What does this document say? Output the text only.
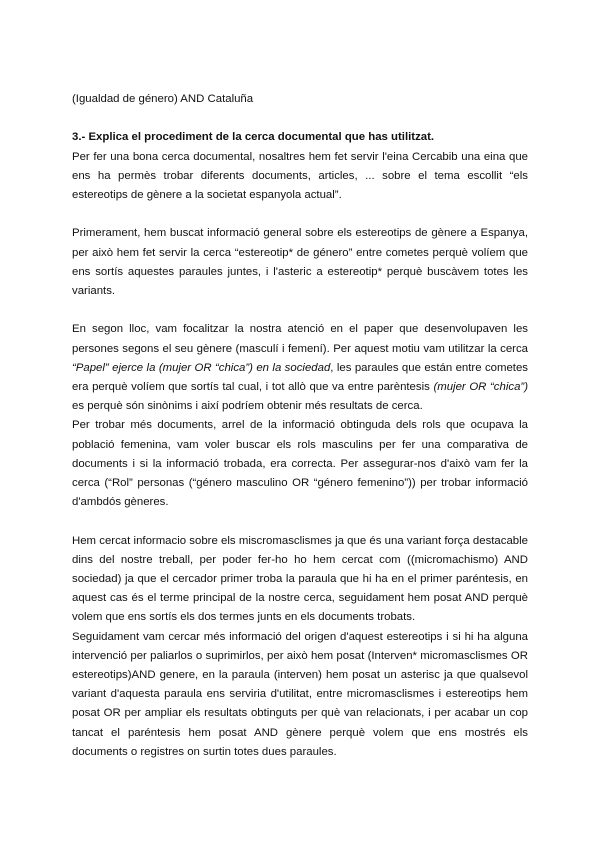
(Igualdad de género) AND Cataluña

3.- Explica el procediment de la cerca documental que has utilitzat.

Per fer una bona cerca documental, nosaltres hem fet servir l'eina Cercabib una eina que ens ha permès trobar diferents documents, articles, ... sobre el tema escollit “els estereotips de gènere a la societat espanyola actual”.

Primerament, hem buscat informació general sobre els estereotips de gènere a Espanya, per això hem fet servir la cerca “estereotip* de género” entre cometes perquè volíem que ens sortís aquestes paraules juntes, i l'asteric a estereotip* perquè buscàvem totes les variants.

En segon lloc, vam focalitzar la nostra atenció en el paper que desenvolupaven les persones segons el seu gènere (masculí i femení). Per aquest motiu vam utilitzar la cerca “Papel” ejerce la (mujer OR “chica”) en la sociedad, les paraules que están entre cometes era perquè volíem que sortís tal cual, i tot allò que va entre parèntesis (mujer OR “chica”) es perquè són sinònims i així podríem obtenir més resultats de cerca.

Per trobar més documents, arrel de la informació obtinguda dels rols que ocupava la població femenina, vam voler buscar els rols masculins per fer una comparativa de documents i si la informació trobada, era correcta. Per assegurar-nos d'això vam fer la cerca (“Rol” personas (“género masculino OR “género femenino”)) per trobar informació d'ambdós gèneres.

Hem cercat informacio sobre els miscromasclismes ja que és una variant força destacable dins del nostre treball, per poder fer-ho ho hem cercat com ((micromachismo) AND sociedad) ja que el cercador primer troba la paraula que hi ha en el primer paréntesis, en aquest cas és el terme principal de la nostre cerca, seguidament hem posat AND perquè volem que ens sortís els dos termes junts en els documents trobats.

Seguidament vam cercar més informació del origen d'aquest estereotips i si hi ha alguna intervenció per paliarlos o suprimirlos, per això hem posat (Interven* micromasclismes OR estereotips)AND genere, en la paraula (interven) hem posat un asterisc ja que qualsevol variant d'aquesta paraula ens serviria d'utilitat, entre micromasclismes i estereotips hem posat OR per ampliar els resultats obtinguts per què van relacionats, i per acabar un cop tancat el paréntesis hem posat AND gènere perquè volem que ens mostrés els documents o registres on surtin totes dues paraules.
